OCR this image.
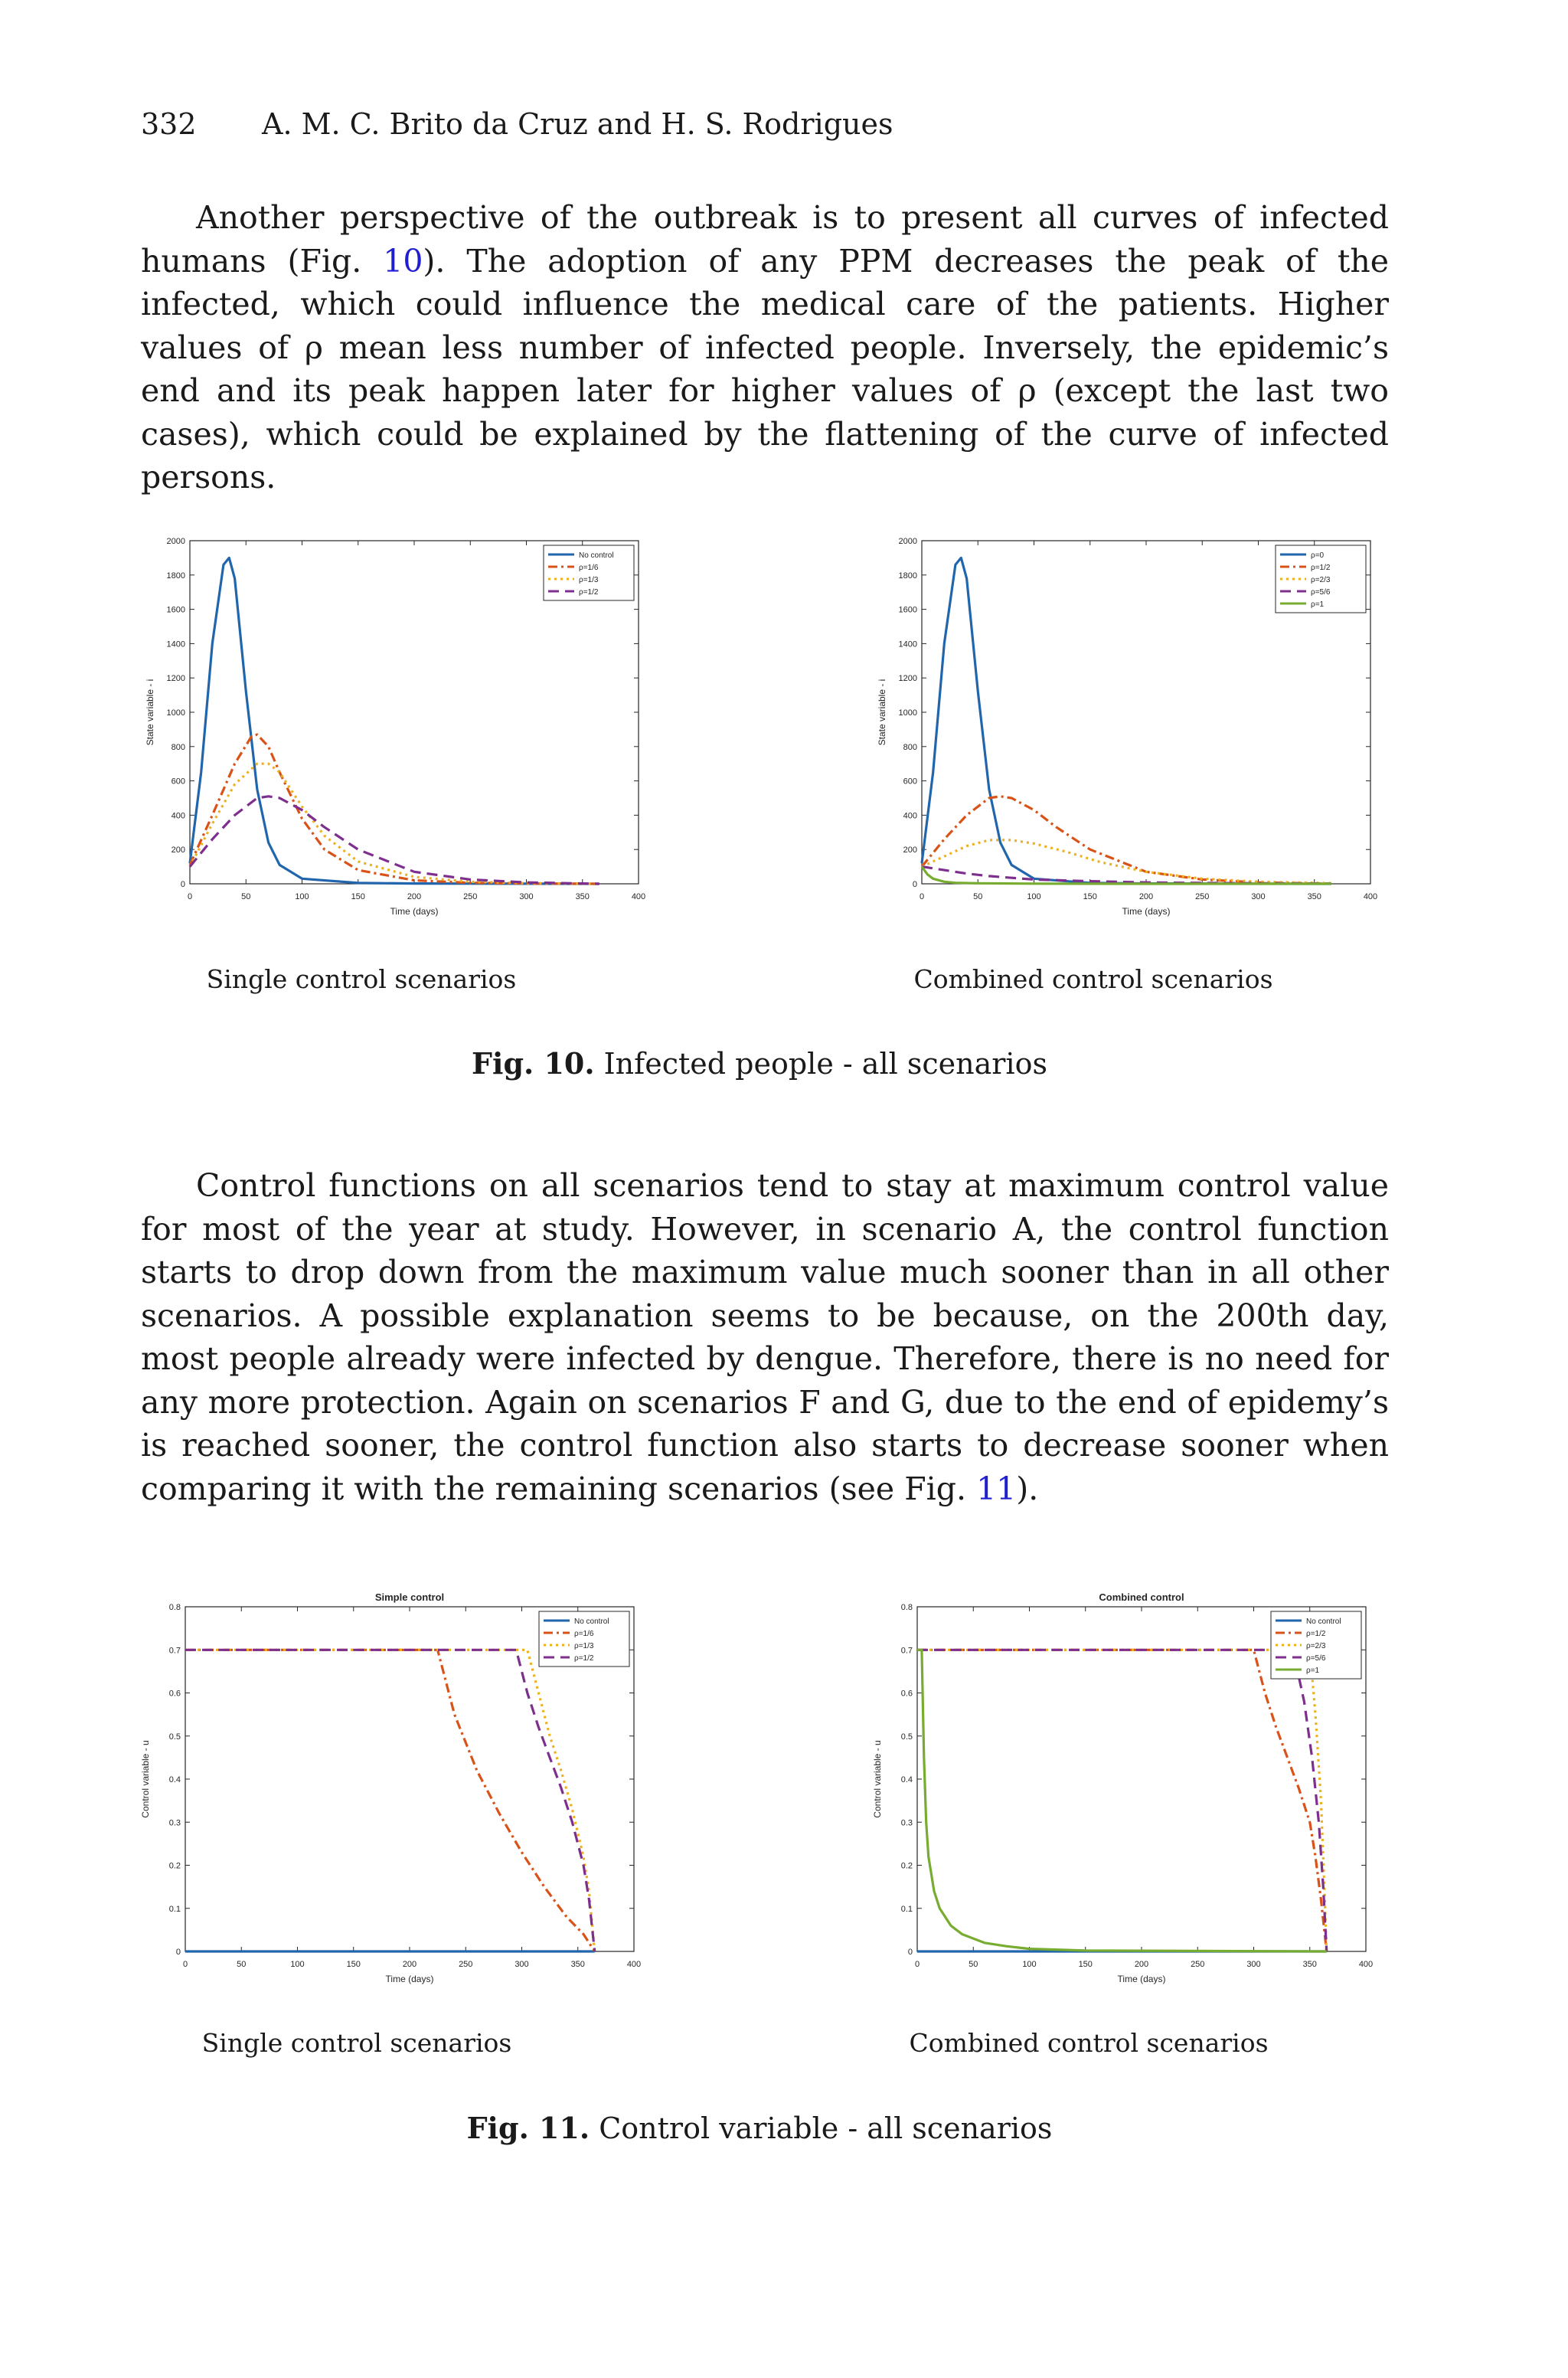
332 A. M. C. Brito da Cruz and H. S. Rodrigues

Another perspective of the outbreak is to present all curves of infected humans (Fig. 10). The adoption of any PPM decreases the peak of the infected, which could influence the medical care of the patients. Higher values of ρ mean less number of infected people. Inversely, the epidemic’s end and its peak happen later for higher values of ρ (except the last two cases), which could be explained by the flattening of the curve of infected persons.

0	50	100	150	200	250	300	350	400
0
200
400
600
800
1000
1200
1400
1600
1800
2000
Time (days)
State variable - i
No control
ρ=1/6
ρ=1/3
ρ=1/2
0	50	100	150	200	250	300	350	400
0
200
400
600
800
1000
1200
1400
1600
1800
2000
Time (days)
State variable - i
ρ=0
ρ=1/2
ρ=2/3
ρ=5/6
ρ=1
Single control scenarios	Combined control scenarios
Fig. 10. Infected people - all scenarios

Control functions on all scenarios tend to stay at maximum control value for most of the year at study. However, in scenario A, the control function starts to drop down from the maximum value much sooner than in all other scenarios. A possible explanation seems to be because, on the 200th day, most people already were infected by dengue. Therefore, there is no need for any more protection. Again on scenarios F and G, due to the end of epidemy’s is reached sooner, the control function also starts to decrease sooner when comparing it with the remaining scenarios (see Fig. 11).

0	50	100	150	200	250	300	350	400
0
0.1
0.2
0.3
0.4
0.5
0.6
0.7
0.8
Time (days)
Control variable - u
Simple control
No control
ρ=1/6
ρ=1/3
ρ=1/2
0	50	100	150	200	250	300	350	400
0
0.1
0.2
0.3
0.4
0.5
0.6
0.7
0.8
Time (days)
Control variable - u
Combined control
No control
ρ=1/2
ρ=2/3
ρ=5/6
ρ=1
Single control scenarios	Combined control scenarios
Fig. 11. Control variable - all scenarios
